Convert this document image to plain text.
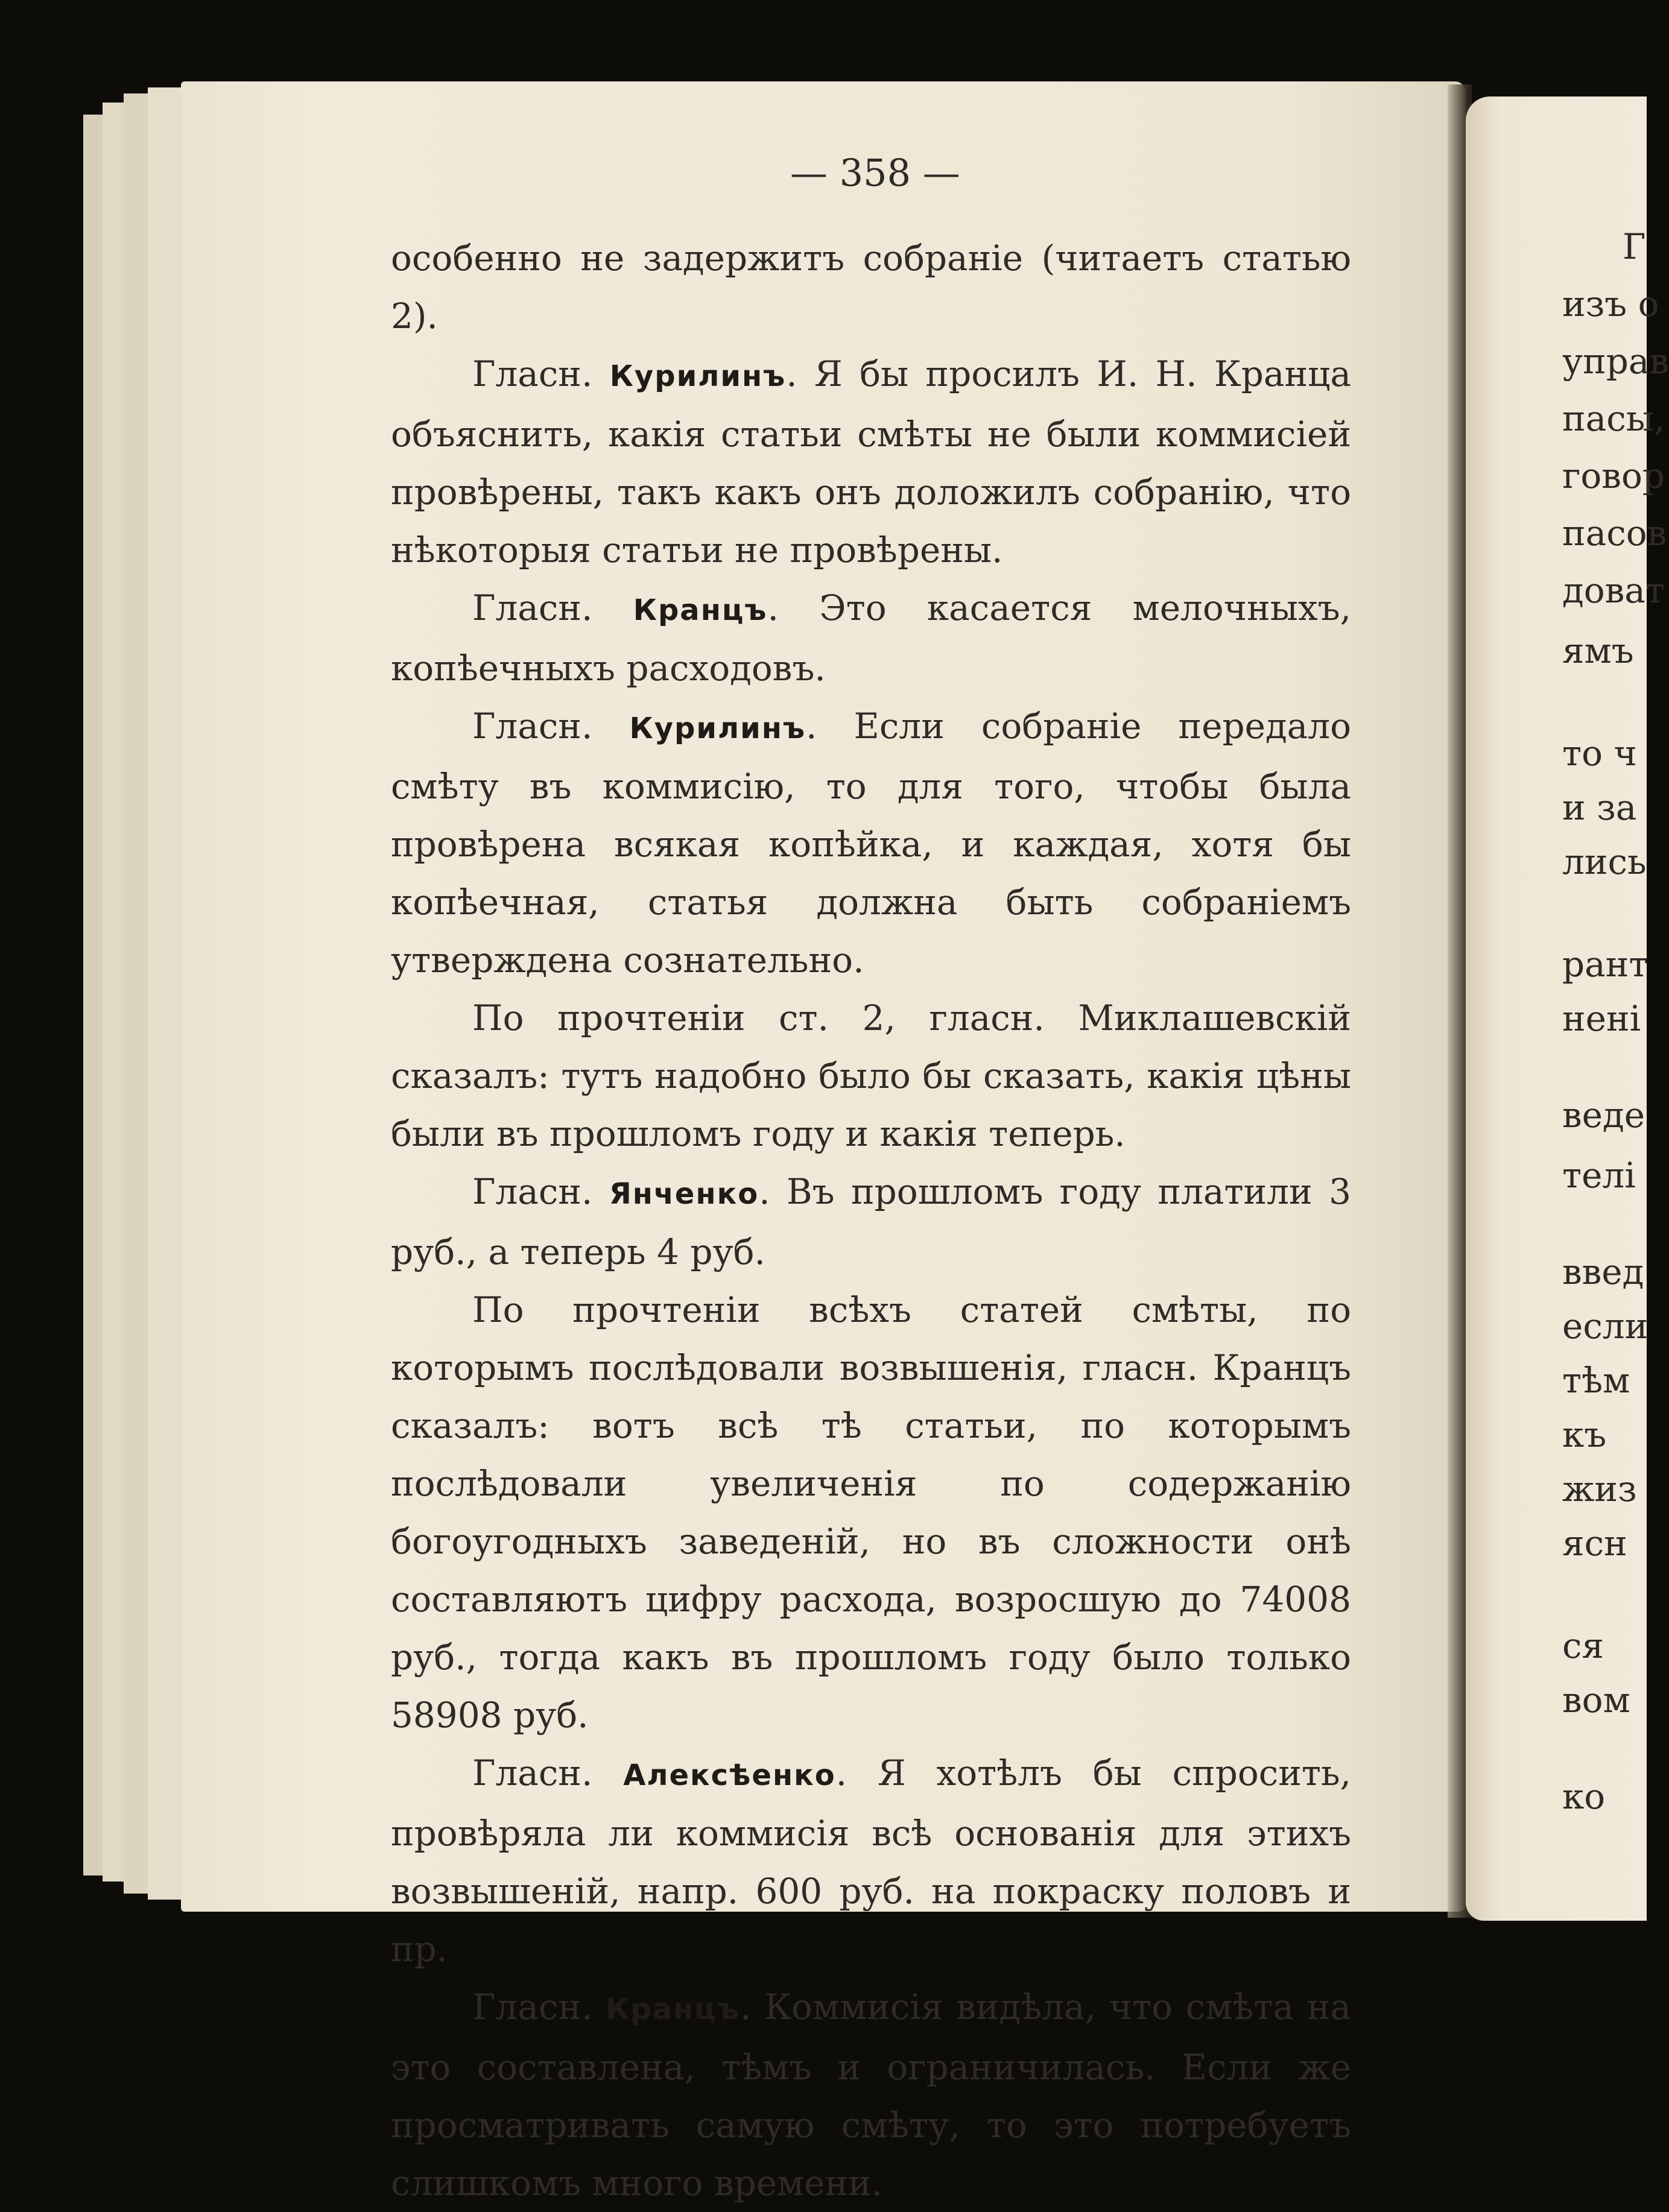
— 358 —

особенно не задержитъ собраніе (читаетъ статью 2).

Гласн. Курилинъ. Я бы просилъ И. Н. Кранца объяснить, какія статьи смѣты не были коммисіей провѣрены, такъ какъ онъ доложилъ собранію, что нѣкоторыя статьи не провѣрены.

Гласн. Кранцъ. Это касается мелочныхъ, копѣечныхъ расходовъ.

Гласн. Курилинъ. Если собраніе передало смѣту въ коммисію, то для того, чтобы была провѣрена всякая копѣйка, и каждая, хотя бы копѣечная, статья должна быть собраніемъ утверждена сознательно.

По прочтеніи ст. 2, гласн. Миклашевскій сказалъ: тутъ надобно было бы сказать, какія цѣны были въ прошломъ году и какія теперь.

Гласн. Янченко. Въ прошломъ году платили 3 руб., а теперь 4 руб.

По прочтеніи всѣхъ статей смѣты, по которымъ послѣдовали возвышенія, гласн. Кранцъ сказалъ: вотъ всѣ тѣ статьи, по которымъ послѣдовали увеличенія по содержанію богоугодныхъ заведеній, но въ сложности онѣ составляютъ цифру расхода, возросшую до 74008 руб., тогда какъ въ прошломъ году было только 58908 руб.

Гласн. Алексѣенко. Я хотѣлъ бы спросить, провѣряла ли коммисія всѣ основанія для этихъ возвышеній, напр. 600 руб. на покраску половъ и пр.

Гласн. Кранцъ. Коммисія видѣла, что смѣта на это составлена, тѣмъ и ограничилась. Если же просматривать самую смѣту, то это потребуетъ слишкомъ много времени.

Г
изъ о
управ
пасы,
говор
пасов
доват
ямъ
то ч
и за
лись
рант
нені
веде
телі
введ
если
тѣм
къ
жиз
ясн
ся
вом
ко
